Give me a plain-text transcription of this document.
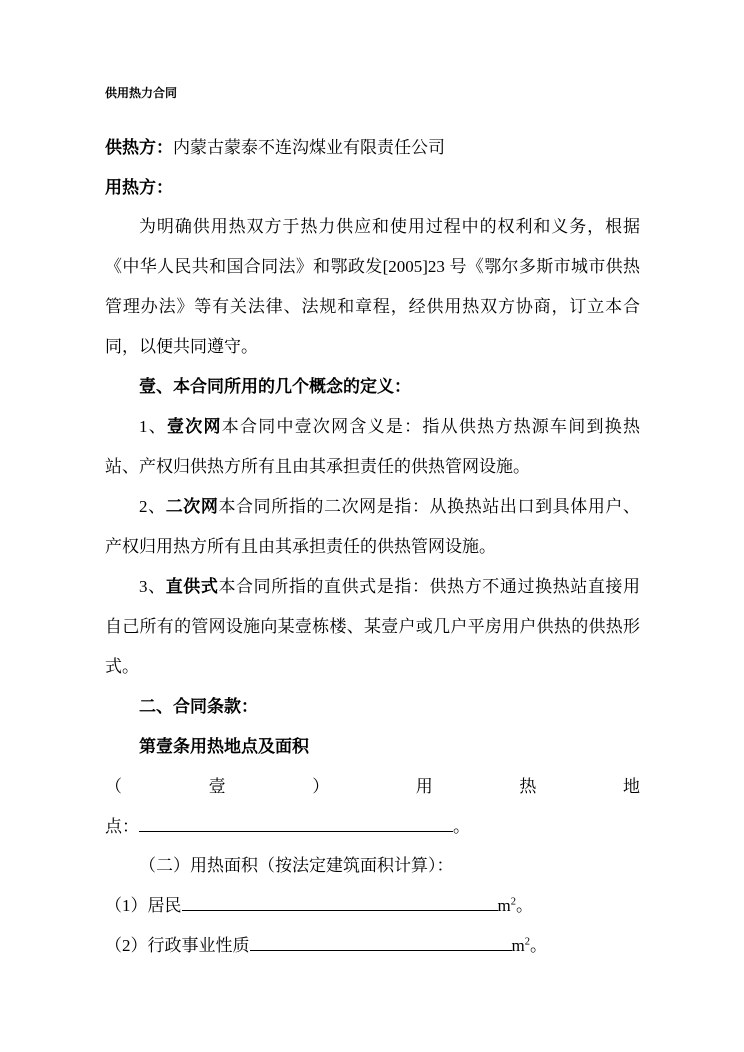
供用热力合同

供热方：内蒙古蒙泰不连沟煤业有限责任公司

用热方：

为明确供用热双方于热力供应和使用过程中的权利和义务，根据《中华人民共和国合同法》和鄂政发[2005]23 号《鄂尔多斯市城市供热管理办法》等有关法律、法规和章程，经供用热双方协商，订立本合同，以便共同遵守。

壹、本合同所用的几个概念的定义：

1、壹次网本合同中壹次网含义是：指从供热方热源车间到换热站、产权归供热方所有且由其承担责任的供热管网设施。

2、二次网本合同所指的二次网是指：从换热站出口到具体用户、产权归用热方所有且由其承担责任的供热管网设施。

3、直供式本合同所指的直供式是指：供热方不通过换热站直接用自己所有的管网设施向某壹栋楼、某壹户或几户平房用户供热的供热形式。

二、合同条款：

第壹条用热地点及面积

（壹）用热地

点：	。

（二）用热面积（按法定建筑面积计算）：

（1）居民	$m^2$。

（2）行政事业性质	$m^2$。
